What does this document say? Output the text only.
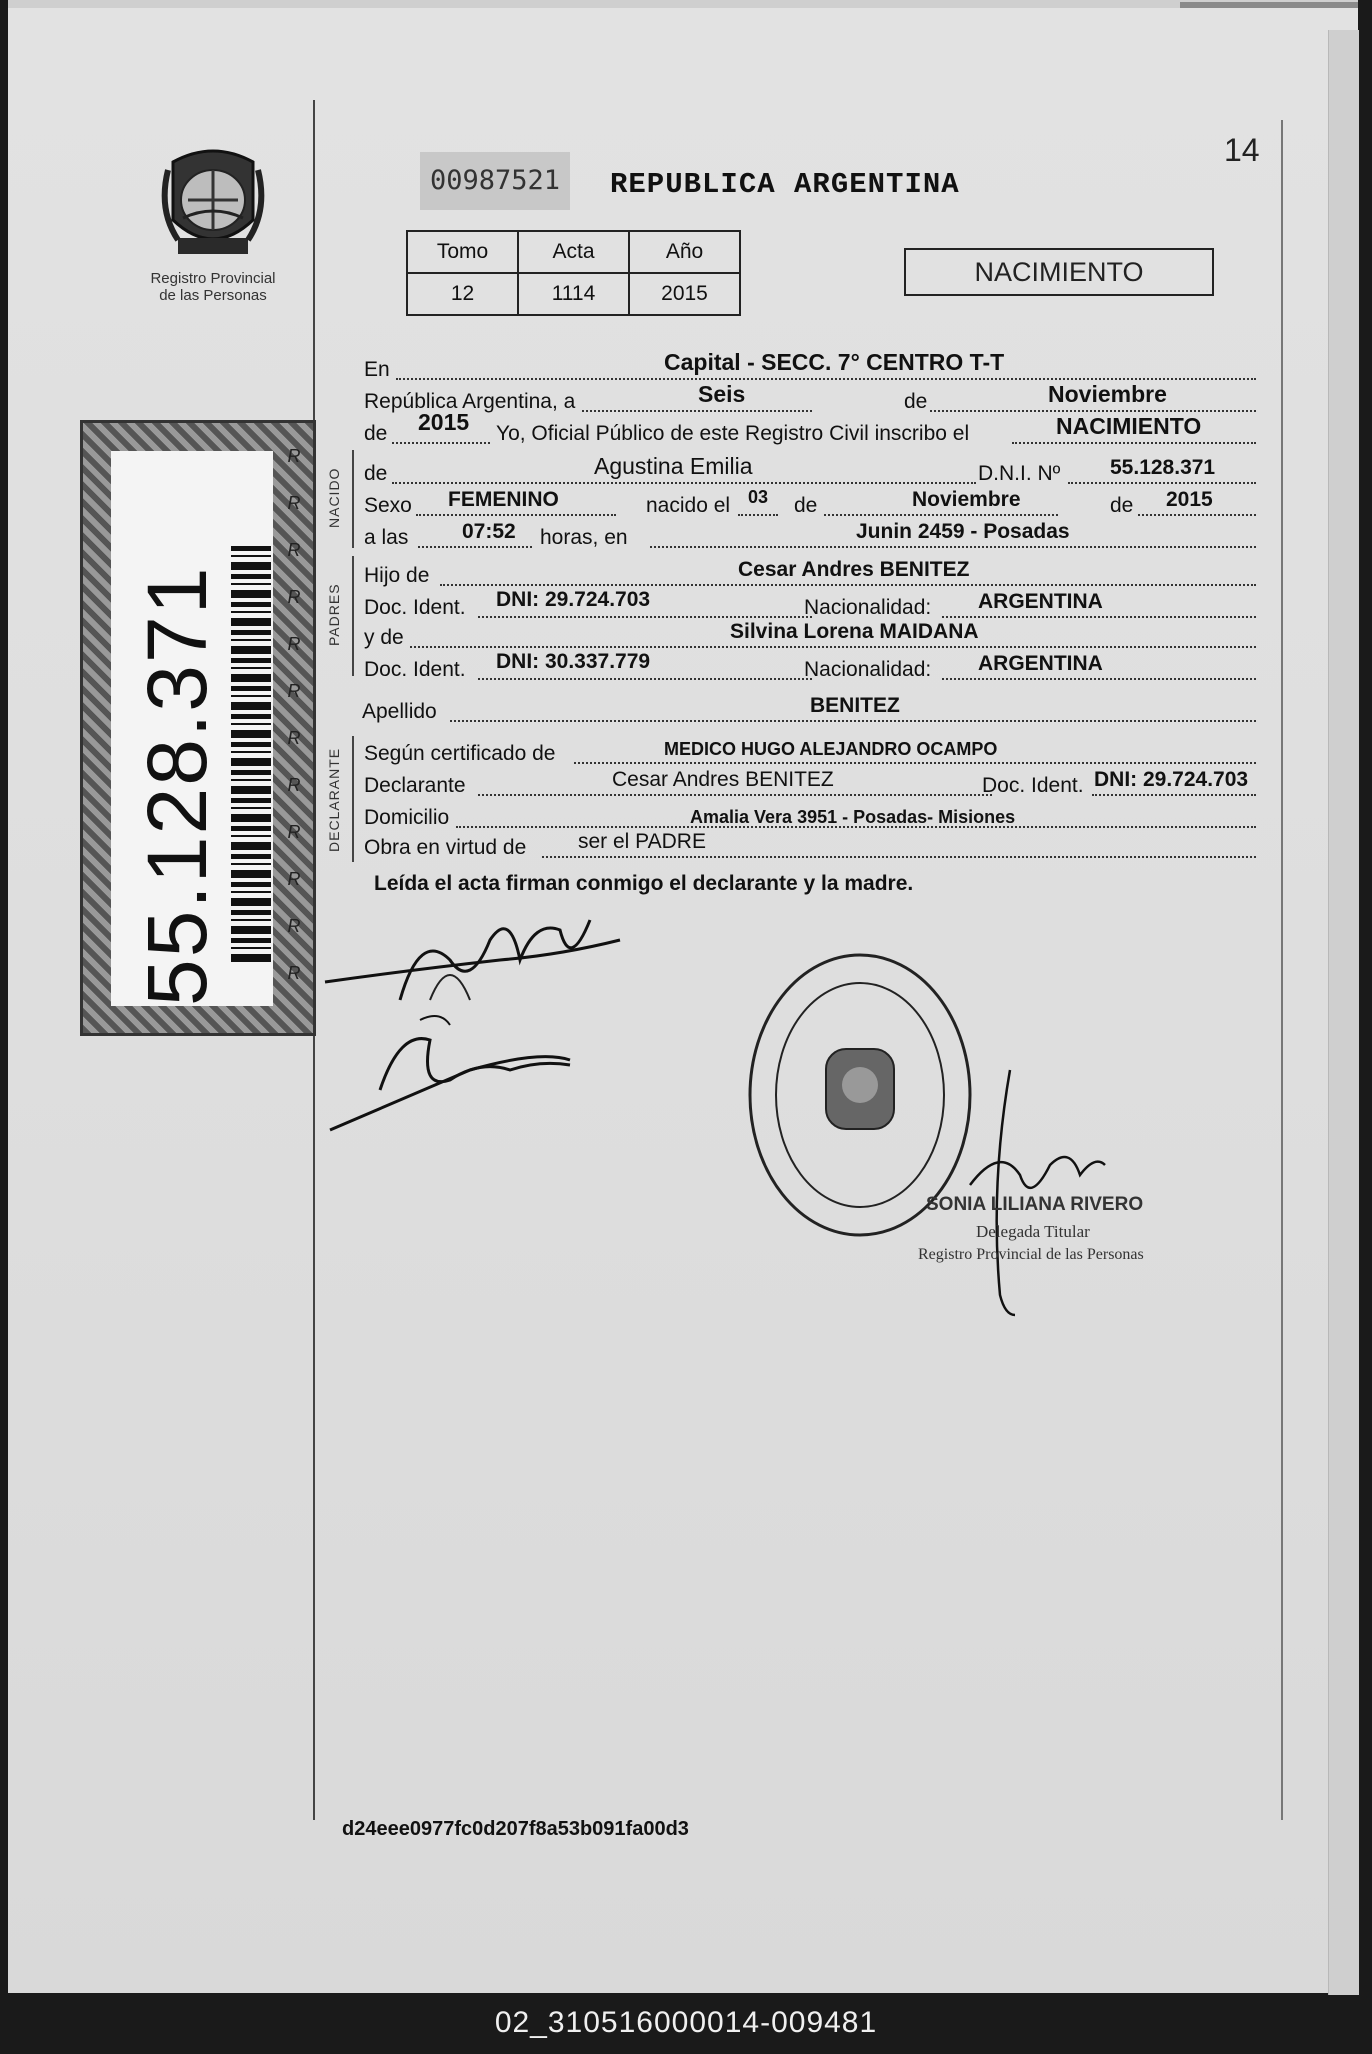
Registro Provincial de las Personas
55.128.371
R
R
R
R
R
R
R
R
R
R
R
R
00987521	REPUBLICA ARGENTINA
14
Tomo	Acta	Año
12	1114	2015
NACIMIENTO
En	Capital - SECC. 7° CENTRO T-T
República Argentina, a	Seis	de	Noviembre
de 2015 Yo, Oficial Público de este Registro Civil inscribo el	NACIMIENTO
NACIDO de	Agustina Emilia	D.N.I. Nº 55.128.371
Sexo FEMENINO	nacido el 03 de	Noviembre	de 2015
a las	07:52 horas, en	Junin 2459 - Posadas
PADRES
Hijo de	Cesar Andres BENITEZ
Doc. Ident. DNI: 29.724.703	Nacionalidad: ARGENTINA
y de	Silvina Lorena MAIDANA
Doc. Ident. DNI: 30.337.779	Nacionalidad: ARGENTINA
Apellido	BENITEZ
DECLARANTE Según certificado de	MEDICO HUGO ALEJANDRO OCAMPO
Declarante	Cesar Andres BENITEZ	Doc. Ident. DNI: 29.724.703
Domicilio	Amalia Vera 3951 - Posadas- Misiones
Obra en virtud de ser el PADRE
Leída el acta firman conmigo el declarante y la madre.
SONIA LILIANA RIVERO
Delegada Titular
Registro Provincial de las Personas
d24eee0977fc0d207f8a53b091fa00d3
02_310516000014-009481
